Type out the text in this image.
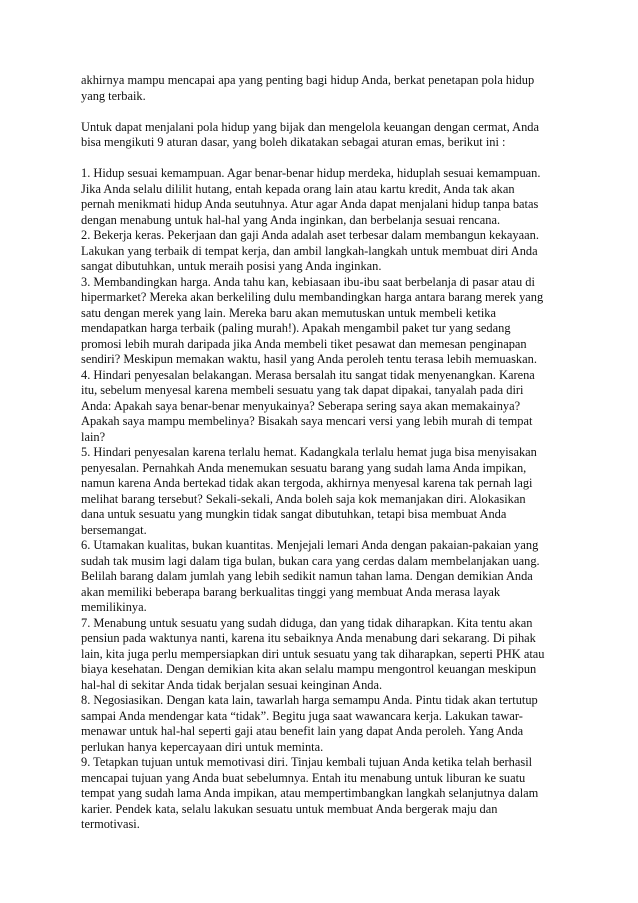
akhirnya mampu mencapai apa yang penting bagi hidup Anda, berkat penetapan pola hidup
yang terbaik.
Untuk dapat menjalani pola hidup yang bijak dan mengelola keuangan dengan cermat, Anda
bisa mengikuti 9 aturan dasar, yang boleh dikatakan sebagai aturan emas, berikut ini :
1. Hidup sesuai kemampuan. Agar benar-benar hidup merdeka, hiduplah sesuai kemampuan.
Jika Anda selalu dililit hutang, entah kepada orang lain atau kartu kredit, Anda tak akan
pernah menikmati hidup Anda seutuhnya. Atur agar Anda dapat menjalani hidup tanpa batas
dengan menabung untuk hal-hal yang Anda inginkan, dan berbelanja sesuai rencana.
2. Bekerja keras. Pekerjaan dan gaji Anda adalah aset terbesar dalam membangun kekayaan.
Lakukan yang terbaik di tempat kerja, dan ambil langkah-langkah untuk membuat diri Anda
sangat dibutuhkan, untuk meraih posisi yang Anda inginkan.
3. Membandingkan harga. Anda tahu kan, kebiasaan ibu-ibu saat berbelanja di pasar atau di
hipermarket? Mereka akan berkeliling dulu membandingkan harga antara barang merek yang
satu dengan merek yang lain. Mereka baru akan memutuskan untuk membeli ketika
mendapatkan harga terbaik (paling murah!). Apakah mengambil paket tur yang sedang
promosi lebih murah daripada jika Anda membeli tiket pesawat dan memesan penginapan
sendiri? Meskipun memakan waktu, hasil yang Anda peroleh tentu terasa lebih memuaskan.
4. Hindari penyesalan belakangan. Merasa bersalah itu sangat tidak menyenangkan. Karena
itu, sebelum menyesal karena membeli sesuatu yang tak dapat dipakai, tanyalah pada diri
Anda: Apakah saya benar-benar menyukainya? Seberapa sering saya akan memakainya?
Apakah saya mampu membelinya? Bisakah saya mencari versi yang lebih murah di tempat
lain?
5. Hindari penyesalan karena terlalu hemat. Kadangkala terlalu hemat juga bisa menyisakan
penyesalan. Pernahkah Anda menemukan sesuatu barang yang sudah lama Anda impikan,
namun karena Anda bertekad tidak akan tergoda, akhirnya menyesal karena tak pernah lagi
melihat barang tersebut? Sekali-sekali, Anda boleh saja kok memanjakan diri. Alokasikan
dana untuk sesuatu yang mungkin tidak sangat dibutuhkan, tetapi bisa membuat Anda
bersemangat.
6. Utamakan kualitas, bukan kuantitas. Menjejali lemari Anda dengan pakaian-pakaian yang
sudah tak musim lagi dalam tiga bulan, bukan cara yang cerdas dalam membelanjakan uang.
Belilah barang dalam jumlah yang lebih sedikit namun tahan lama. Dengan demikian Anda
akan memiliki beberapa barang berkualitas tinggi yang membuat Anda merasa layak
memilikinya.
7. Menabung untuk sesuatu yang sudah diduga, dan yang tidak diharapkan. Kita tentu akan
pensiun pada waktunya nanti, karena itu sebaiknya Anda menabung dari sekarang. Di pihak
lain, kita juga perlu mempersiapkan diri untuk sesuatu yang tak diharapkan, seperti PHK atau
biaya kesehatan. Dengan demikian kita akan selalu mampu mengontrol keuangan meskipun
hal-hal di sekitar Anda tidak berjalan sesuai keinginan Anda.
8. Negosiasikan. Dengan kata lain, tawarlah harga semampu Anda. Pintu tidak akan tertutup
sampai Anda mendengar kata “tidak”. Begitu juga saat wawancara kerja. Lakukan tawar-
menawar untuk hal-hal seperti gaji atau benefit lain yang dapat Anda peroleh. Yang Anda
perlukan hanya kepercayaan diri untuk meminta.
9. Tetapkan tujuan untuk memotivasi diri. Tinjau kembali tujuan Anda ketika telah berhasil
mencapai tujuan yang Anda buat sebelumnya. Entah itu menabung untuk liburan ke suatu
tempat yang sudah lama Anda impikan, atau mempertimbangkan langkah selanjutnya dalam
karier. Pendek kata, selalu lakukan sesuatu untuk membuat Anda bergerak maju dan
termotivasi.
